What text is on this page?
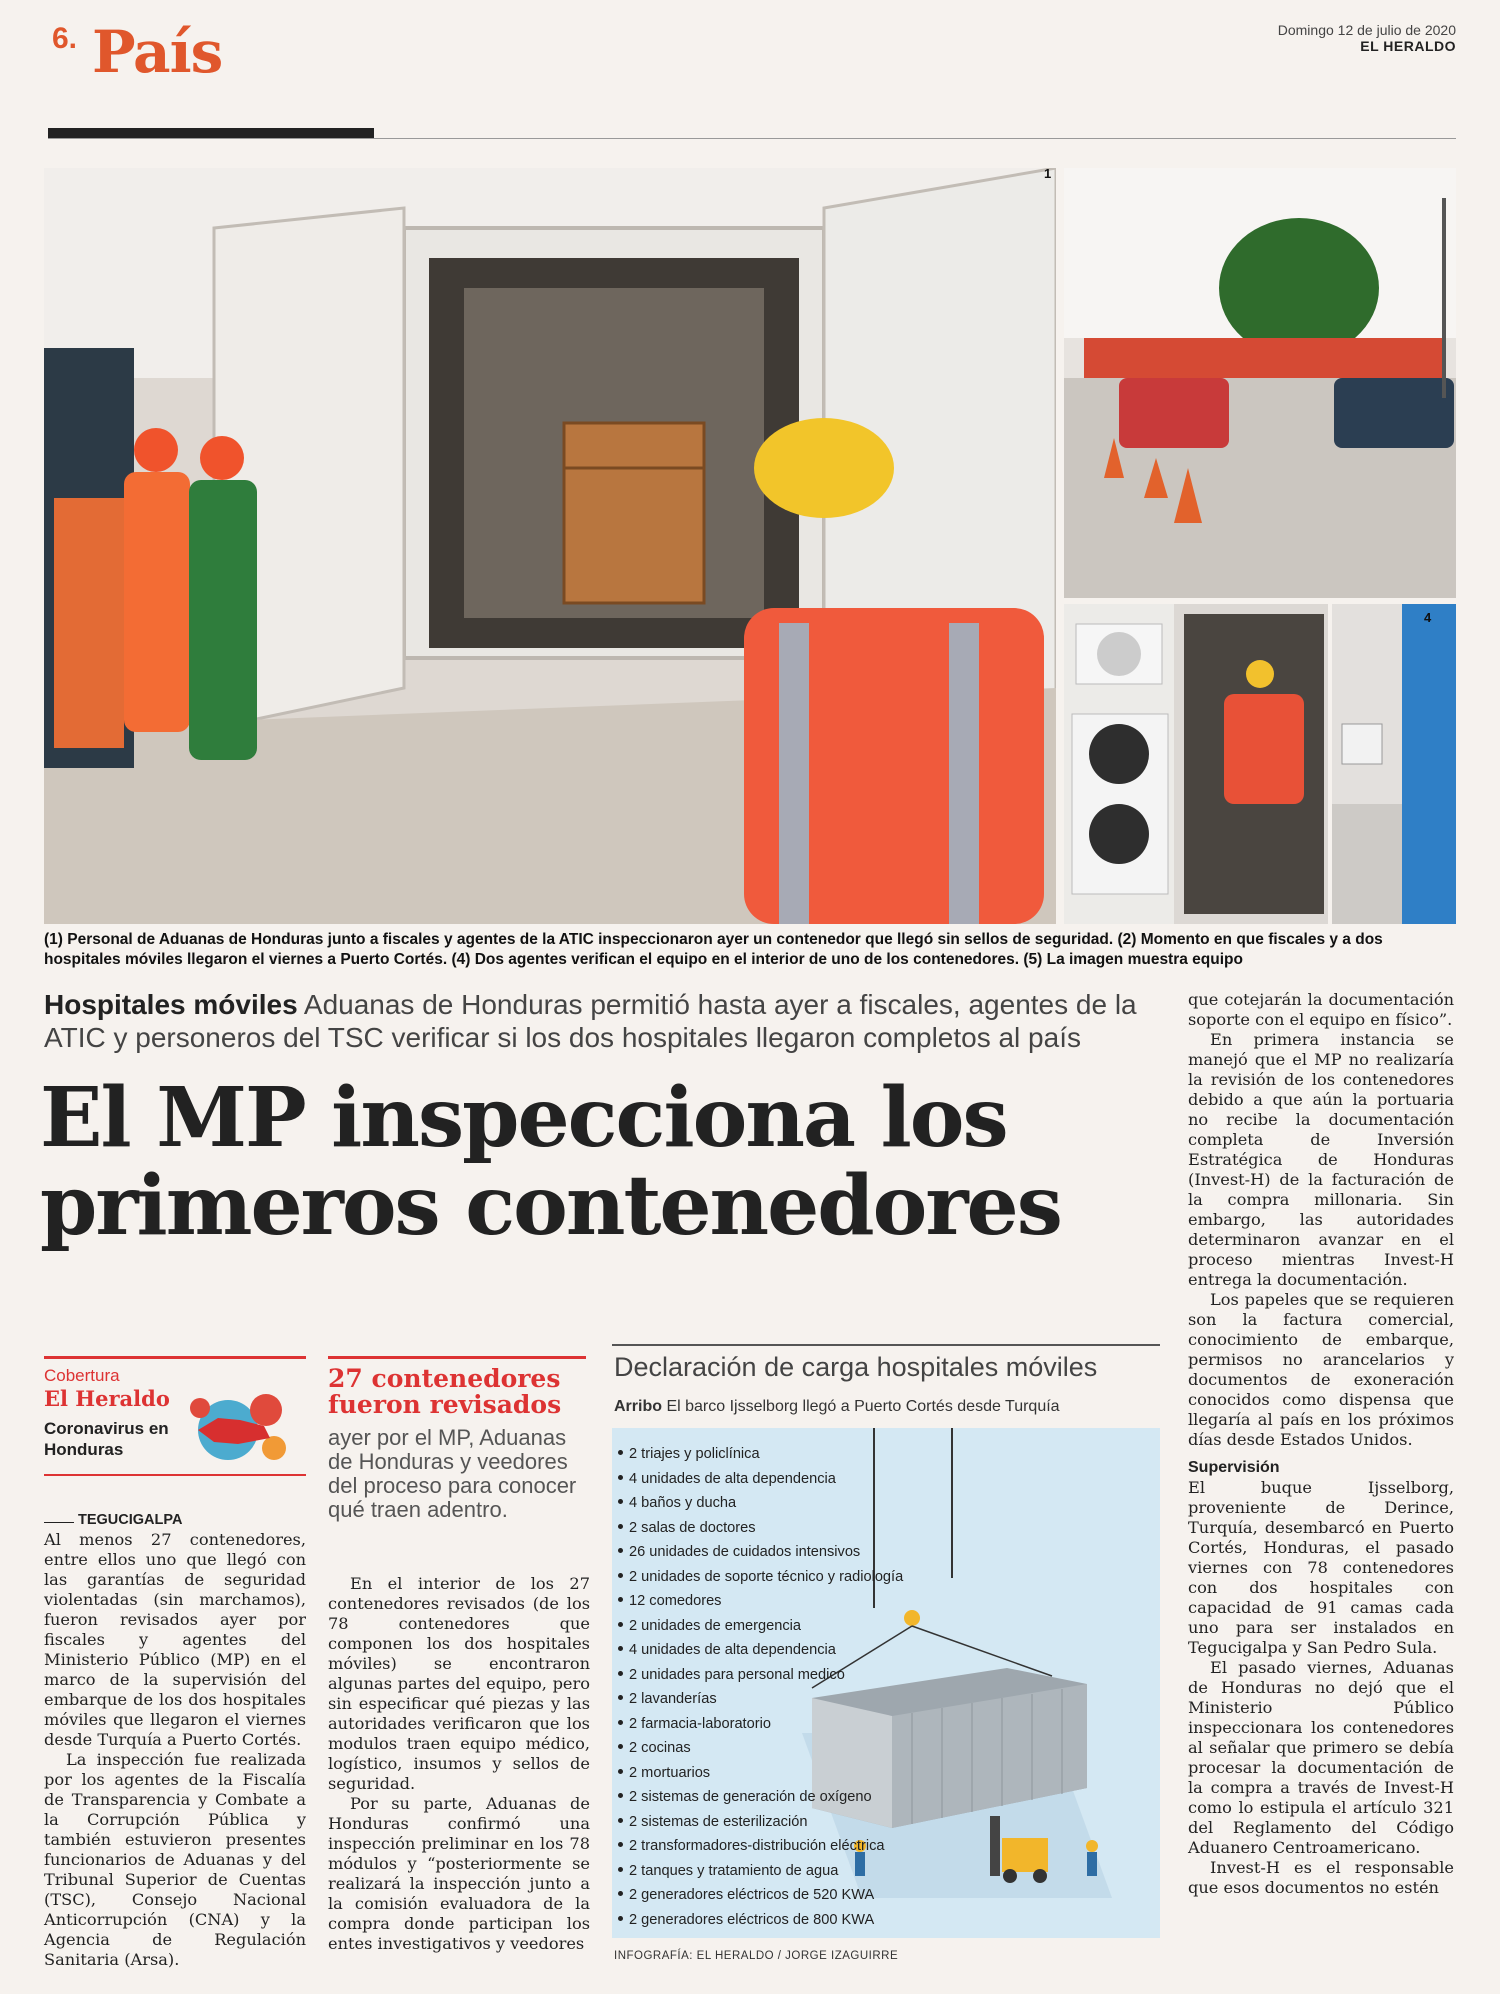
6. País	Domingo 12 de julio de 2020
EL HERALDO
1
4
(1) Personal de Aduanas de Honduras junto a fiscales y agentes de la ATIC inspeccionaron ayer un contenedor que llegó sin sellos de seguridad. (2) Momento en que fiscales y a dos hospitales móviles llegaron el viernes a Puerto Cortés. (4) Dos agentes verifican el equipo en el interior de uno de los contenedores. (5) La imagen muestra equipo
Hospitales móviles Aduanas de Honduras permitió hasta ayer a fiscales, agentes de la ATIC y personeros del TSC verificar si los dos hospitales llegaron completos al país
El MP inspecciona los primeros contenedores
Cobertura
El Heraldo
Coronavirus en Honduras
TEGUCIGALPA

Al menos 27 contenedores, entre ellos uno que llegó con las garantías de seguridad violentadas (sin marchamos), fueron revisados ayer por fiscales y agentes del Ministerio Público (MP) en el marco de la supervisión del embarque de los dos hospitales móviles que llegaron el viernes desde Turquía a Puerto Cortés.

La inspección fue realizada por los agentes de la Fiscalía de Transparencia y Combate a la Corrupción Pública y también estuvieron presentes funcionarios de Aduanas y del Tribunal Superior de Cuentas (TSC), Consejo Nacional Anticorrupción (CNA) y la Agencia de Regulación Sanitaria (Arsa).

27 contenedores fueron revisados
ayer por el MP, Aduanas de Honduras y veedores del proceso para conocer qué traen adentro.

En el interior de los 27 contenedores revisados (de los 78 contenedores que componen los dos hospitales móviles) se encontraron algunas partes del equipo, pero sin especificar qué piezas y las autoridades verificaron que los modulos traen equipo médico, logístico, insumos y sellos de seguridad.

Por su parte, Aduanas de Honduras confirmó una inspección preliminar en los 78 módulos y “posteriormente se realizará la inspección junto a la comisión evaluadora de la compra donde participan los entes investigativos y veedores

Declaración de carga hospitales móviles
Arribo El barco Ijsselborg llegó a Puerto Cortés desde Turquía
2 triajes y policlínica
4 unidades de alta dependencia
4 baños y ducha
2 salas de doctores
26 unidades de cuidados intensivos
2 unidades de soporte técnico y radiología
12 comedores
2 unidades de emergencia
4 unidades de alta dependencia
2 unidades para personal medico
2 lavanderías
2 farmacia-laboratorio
2 cocinas
2 mortuarios
2 sistemas de generación de oxígeno
2 sistemas de esterilización
2 transformadores-distribución eléctrica
2 tanques y tratamiento de agua
2 generadores eléctricos de 520 KWA
2 generadores eléctricos de 800 KWA
INFOGRAFÍA: EL HERALDO / JORGE IZAGUIRRE

que cotejarán la documentación soporte con el equipo en físico”.

En primera instancia se manejó que el MP no realizaría la revisión de los contenedores debido a que aún la portuaria no recibe la documentación completa de Inversión Estratégica de Honduras (Invest-H) de la facturación de la compra millonaria. Sin embargo, las autoridades determinaron avanzar en el proceso mientras Invest-H entrega la documentación.

Los papeles que se requieren son la factura comercial, conocimiento de embarque, permisos no arancelarios y documentos de exoneración conocidos como dispensa que llegaría al país en los próximos días desde Estados Unidos.

Supervisión

El buque Ijsselborg, proveniente de Derince, Turquía, desembarcó en Puerto Cortés, Honduras, el pasado viernes con 78 contenedores con dos hospitales con capacidad de 91 camas cada uno para ser instalados en Tegucigalpa y San Pedro Sula.

El pasado viernes, Aduanas de Honduras no dejó que el Ministerio Público inspeccionara los contenedores al señalar que primero se debía procesar la documentación de la compra a través de Invest-H como lo estipula el artículo 321 del Reglamento del Código Aduanero Centroamericano.

Invest-H es el responsable que esos documentos no estén
